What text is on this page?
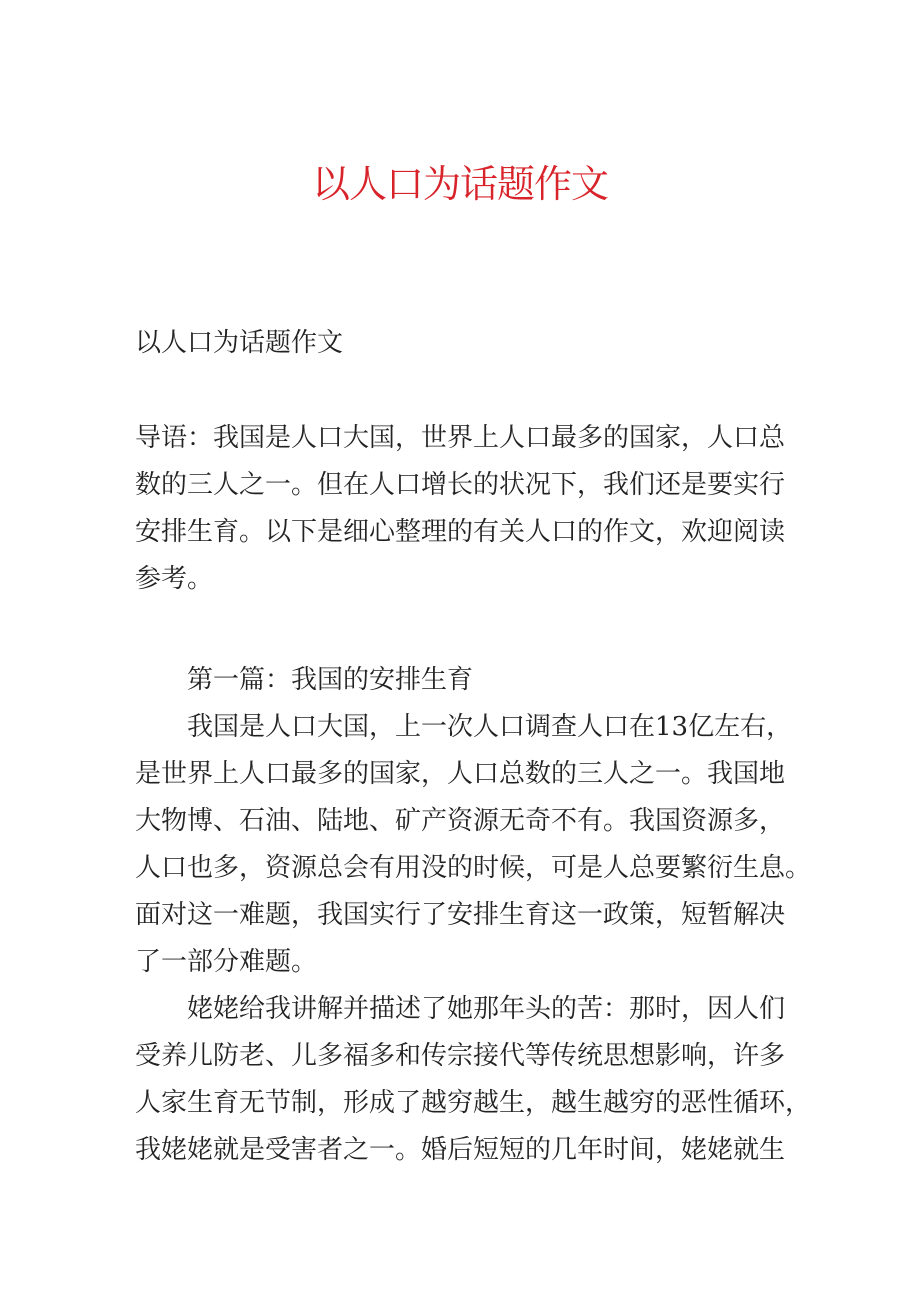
以人口为话题作文
以人口为话题作文
导语：我国是人口大国，世界上人口最多的国家，人口总
数的三人之一。但在人口增长的状况下，我们还是要实行
安排生育。以下是细心整理的有关人口的作文，欢迎阅读
参考。
第一篇：我国的安排生育
我国是人口大国，上一次人口调查人口在13亿左右，
是世界上人口最多的国家，人口总数的三人之一。我国地
大物博、石油、陆地、矿产资源无奇不有。我国资源多，
人口也多，资源总会有用没的时候，可是人总要繁衍生息。
面对这一难题，我国实行了安排生育这一政策，短暂解决
了一部分难题。
姥姥给我讲解并描述了她那年头的苦：那时，因人们
受养儿防老、儿多福多和传宗接代等传统思想影响，许多
人家生育无节制，形成了越穷越生，越生越穷的恶性循环，
我姥姥就是受害者之一。婚后短短的几年时间，姥姥就生
